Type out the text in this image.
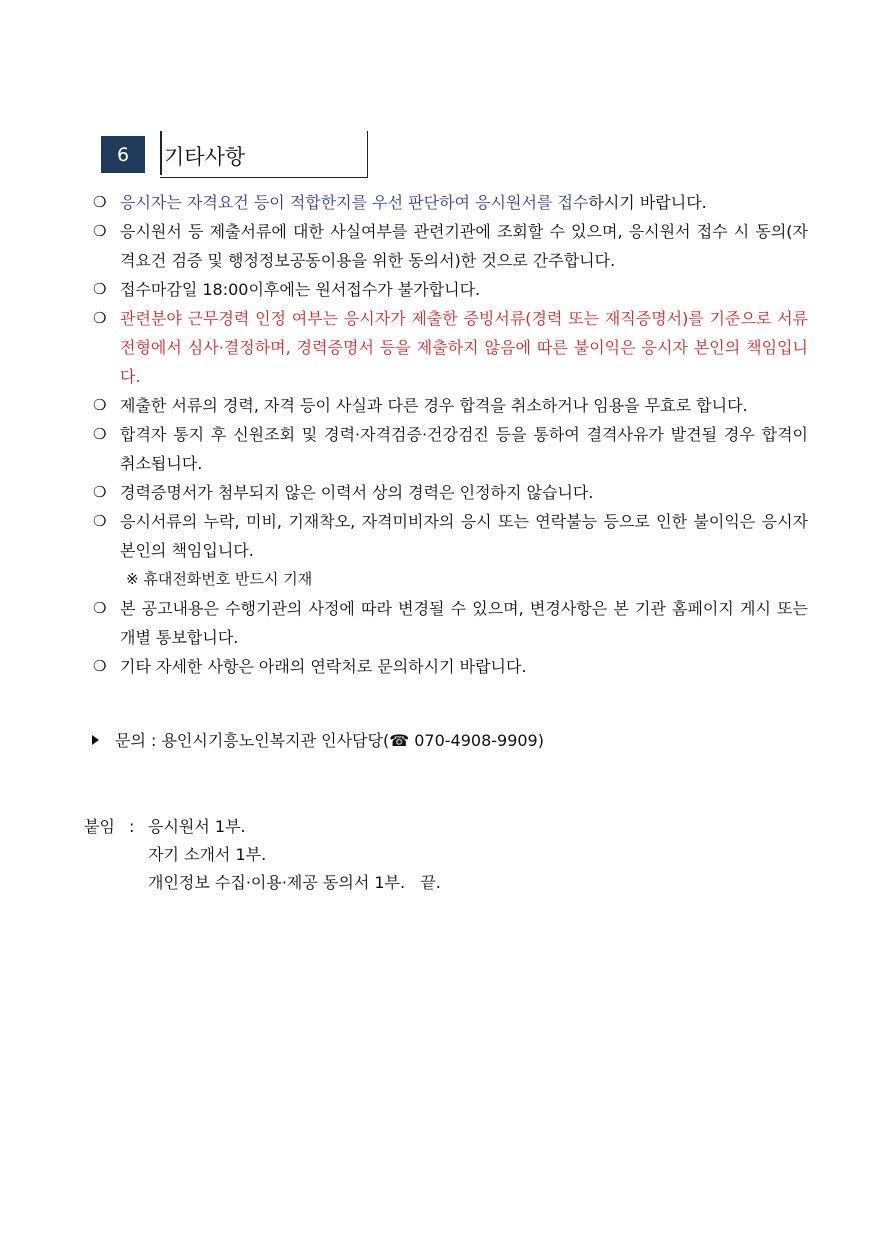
6	기타사항
❍ 응시자는 자격요건 등이 적합한지를 우선 판단하여 응시원서를 접수하시기 바랍니다.
❍ 응시원서 등 제출서류에 대한 사실여부를 관련기관에 조회할 수 있으며, 응시원서 접수 시 동의(자격요건 검증 및 행정정보공동이용을 위한 동의서)한 것으로 간주합니다.
❍ 접수마감일 18:00이후에는 원서접수가 불가합니다.
❍ 관련분야 근무경력 인정 여부는 응시자가 제출한 증빙서류(경력 또는 재직증명서)를 기준으로 서류전형에서 심사·결정하며, 경력증명서 등을 제출하지 않음에 따른 불이익은 응시자 본인의 책임입니다.
❍ 제출한 서류의 경력, 자격 등이 사실과 다른 경우 합격을 취소하거나 임용을 무효로 합니다.
❍ 합격자 통지 후 신원조회 및 경력·자격검증·건강검진 등을 통하여 결격사유가 발견될 경우 합격이 취소됩니다.
❍ 경력증명서가 첨부되지 않은 이력서 상의 경력은 인정하지 않습니다.
❍ 응시서류의 누락, 미비, 기재착오, 자격미비자의 응시 또는 연락불능 등으로 인한 불이익은 응시자 본인의 책임입니다.
※ 휴대전화번호 반드시 기재
❍ 본 공고내용은 수행기관의 사정에 따라 변경될 수 있으며, 변경사항은 본 기관 홈페이지 게시 또는 개별 통보합니다.
❍ 기타 자세한 사항은 아래의 연락처로 문의하시기 바랍니다.
문의 : 용인시기흥노인복지관 인사담당(☎ 070-4908-9909)
붙임 : 응시원서 1부.
자기 소개서 1부.
개인정보 수집·이용·제공 동의서 1부.   끝.
